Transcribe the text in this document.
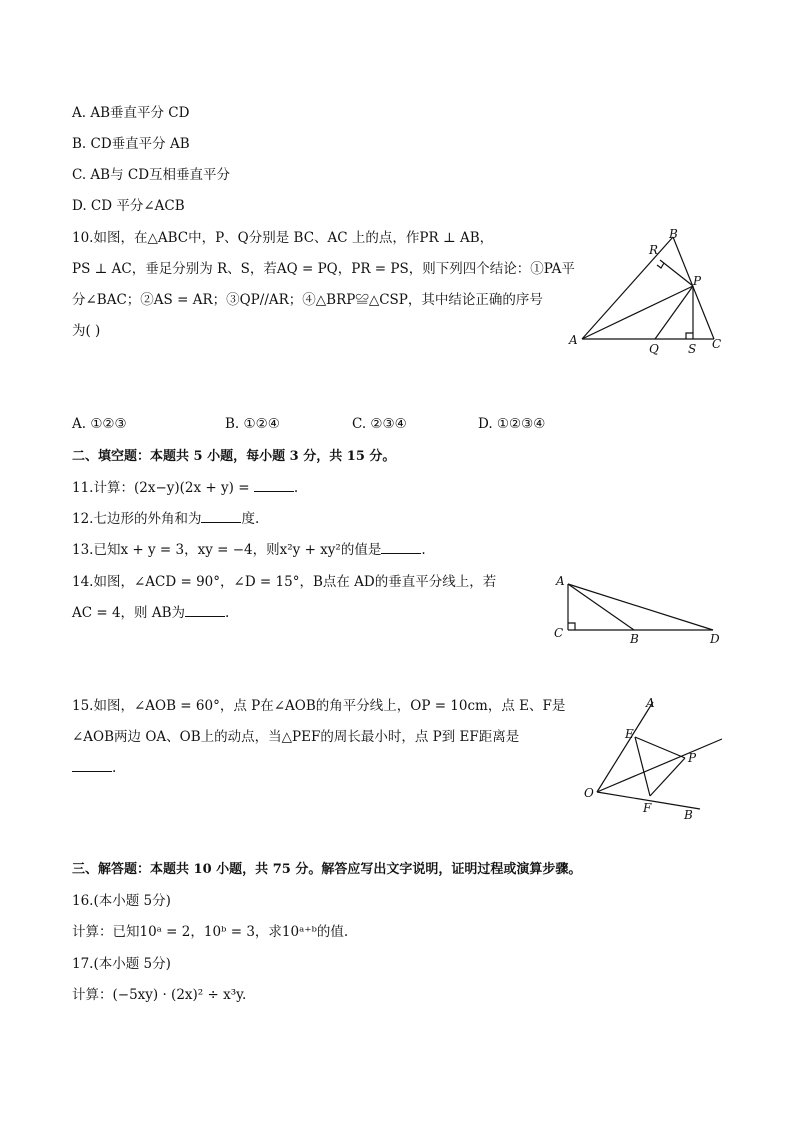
A. AB垂直平分 CD
B. CD垂直平分 AB
C. AB与 CD互相垂直平分
D. CD 平分∠ACB
10.如图，在△ABC中，P、Q分别是 BC、AC 上的点，作PR ⊥ AB，
PS ⊥ AC，垂足分别为 R、S，若AQ = PQ，PR = PS，则下列四个结论：①PA平
分∠BAC；②AS = AR；③QP//AR；④△BRP≌△CSP，其中结论正确的序号
为( )
A
B
C
P
Q
R
S
A. ①②③	B. ①②④	C. ②③④	D. ①②③④
二、填空题：本题共 5 小题，每小题 3 分，共 15 分。
11.计算：(2x−y)(2x + y) =	.
12.七边形的外角和为	度.
13.已知x + y = 3，xy = −4，则x²y + xy²的值是	.
14.如图，∠ACD = 90°，∠D = 15°，B点在 AD的垂直平分线上，若
AC = 4，则 AB为	.
A
B
C	D
15.如图，∠AOB = 60°，点 P在∠AOB的角平分线上，OP = 10cm，点 E、F是
∠AOB两边 OA、OB上的动点，当△PEF的周长最小时，点 P到 EF距离是
.
A
B
E
F
O
P
三、解答题：本题共 10 小题，共 75 分。解答应写出文字说明，证明过程或演算步骤。
16.(本小题 5分)
计算：已知10ᵃ = 2，10ᵇ = 3，求10ᵃ⁺ᵇ的值.
17.(本小题 5分)
计算：(−5xy) · (2x)² ÷ x³y.
